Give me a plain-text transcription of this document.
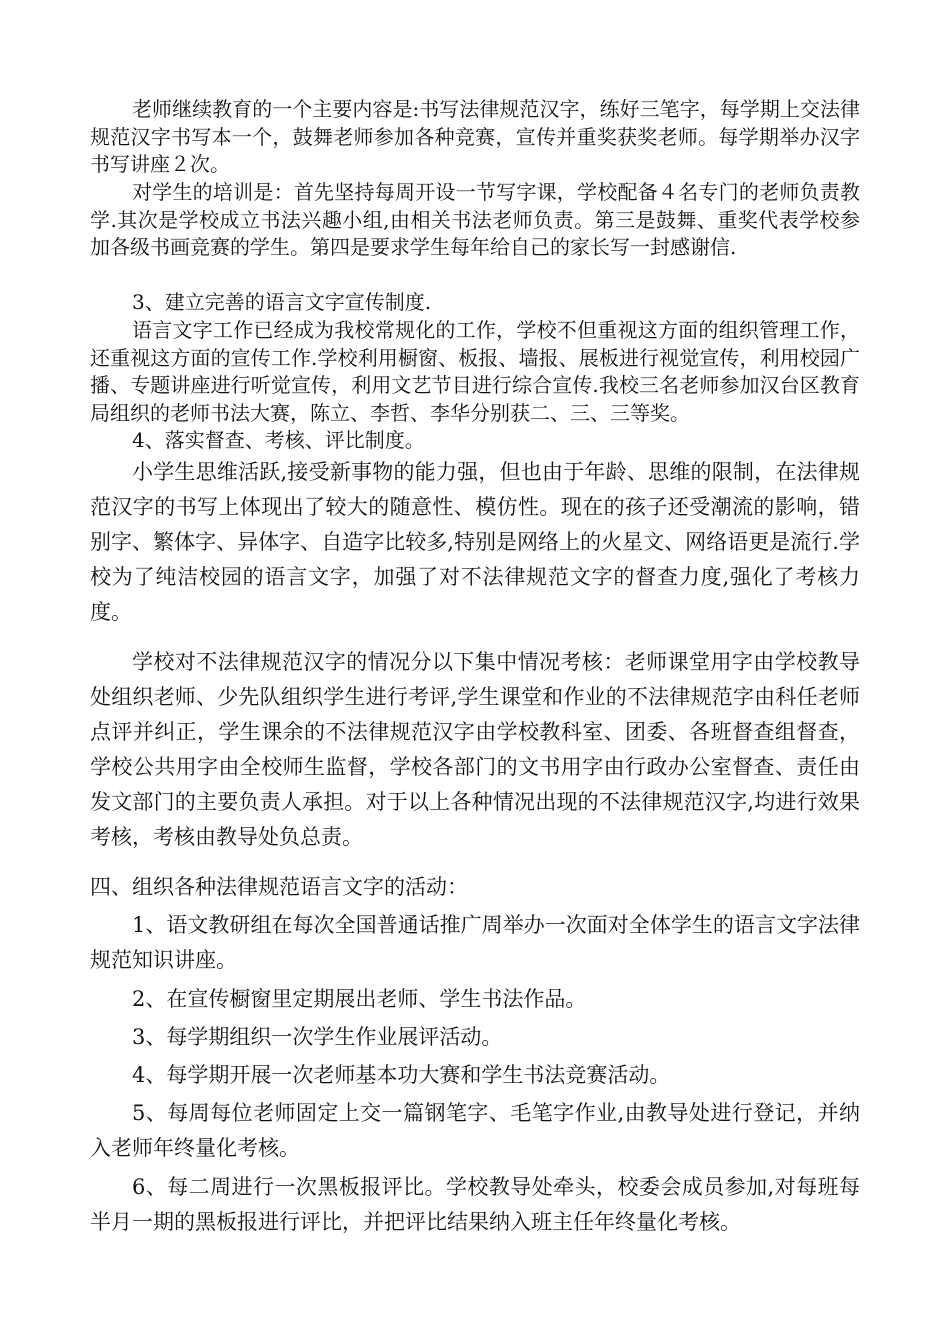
老师继续教育的一个主要内容是:书写法律规范汉字，练好三笔字，每学期上交法律规范汉字书写本一个，鼓舞老师参加各种竞赛，宣传并重奖获奖老师。每学期举办汉字书写讲座２次。

对学生的培训是：首先坚持每周开设一节写字课，学校配备４名专门的老师负责教学.其次是学校成立书法兴趣小组,由相关书法老师负责。第三是鼓舞、重奖代表学校参加各级书画竞赛的学生。第四是要求学生每年给自己的家长写一封感谢信.

3、建立完善的语言文字宣传制度.

语言文字工作已经成为我校常规化的工作，学校不但重视这方面的组织管理工作，还重视这方面的宣传工作.学校利用橱窗、板报、墙报、展板进行视觉宣传，利用校园广播、专题讲座进行听觉宣传，利用文艺节目进行综合宣传.我校三名老师参加汉台区教育局组织的老师书法大赛，陈立、李哲、李华分别获二、三、三等奖。

4、落实督查、考核、评比制度。

小学生思维活跃,接受新事物的能力强，但也由于年龄、思维的限制，在法律规范汉字的书写上体现出了较大的随意性、模仿性。现在的孩子还受潮流的影响，错别字、繁体字、异体字、自造字比较多,特别是网络上的火星文、网络语更是流行.学校为了纯洁校园的语言文字，加强了对不法律规范文字的督查力度,强化了考核力度。

学校对不法律规范汉字的情况分以下集中情况考核：老师课堂用字由学校教导处组织老师、少先队组织学生进行考评,学生课堂和作业的不法律规范字由科任老师点评并纠正，学生课余的不法律规范汉字由学校教科室、团委、各班督查组督查，学校公共用字由全校师生监督，学校各部门的文书用字由行政办公室督查、责任由发文部门的主要负责人承担。对于以上各种情况出现的不法律规范汉字,均进行效果考核，考核由教导处负总责。

四、组织各种法律规范语言文字的活动：

1、语文教研组在每次全国普通话推广周举办一次面对全体学生的语言文字法律规范知识讲座。

2、在宣传橱窗里定期展出老师、学生书法作品。

3、每学期组织一次学生作业展评活动。

4、每学期开展一次老师基本功大赛和学生书法竞赛活动。

5、每周每位老师固定上交一篇钢笔字、毛笔字作业,由教导处进行登记，并纳入老师年终量化考核。

6、每二周进行一次黑板报评比。学校教导处牵头，校委会成员参加,对每班每半月一期的黑板报进行评比，并把评比结果纳入班主任年终量化考核。
